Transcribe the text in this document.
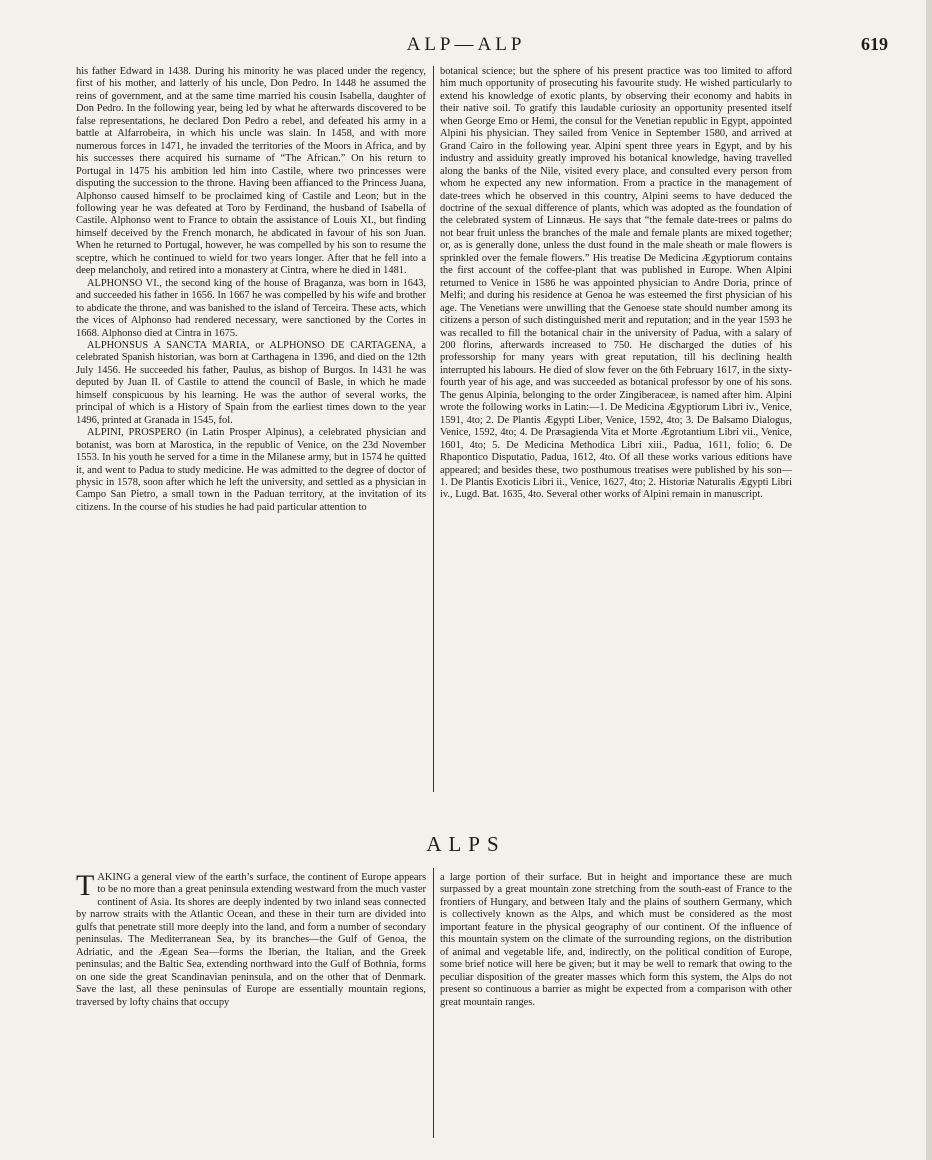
ALP—ALP	619

his father Edward in 1438. During his minority he was placed under the regency, first of his mother, and latterly of his uncle, Don Pedro. In 1448 he assumed the reins of government, and at the same time married his cousin Isabella, daughter of Don Pedro. In the following year, being led by what he afterwards discovered to be false representations, he declared Don Pedro a rebel, and defeated his army in a battle at Alfarrobeira, in which his uncle was slain. In 1458, and with more numerous forces in 1471, he invaded the territories of the Moors in Africa, and by his successes there acquired his surname of “The African.” On his return to Portugal in 1475 his ambition led him into Castile, where two princesses were disputing the succession to the throne. Having been affianced to the Princess Juana, Alphonso caused himself to be proclaimed king of Castile and Leon; but in the following year he was defeated at Toro by Ferdinand, the husband of Isabella of Castile. Alphonso went to France to obtain the assistance of Louis XI., but finding himself deceived by the French monarch, he abdicated in favour of his son Juan. When he returned to Portugal, however, he was compelled by his son to resume the sceptre, which he continued to wield for two years longer. After that he fell into a deep melancholy, and retired into a monastery at Cintra, where he died in 1481.

ALPHONSO VI., the second king of the house of Braganza, was born in 1643, and succeeded his father in 1656. In 1667 he was compelled by his wife and brother to abdicate the throne, and was banished to the island of Terceira. These acts, which the vices of Alphonso had rendered necessary, were sanctioned by the Cortes in 1668. Alphonso died at Cintra in 1675.

ALPHONSUS A SANCTA MARIA, or ALPHONSO DE CARTAGENA, a celebrated Spanish historian, was born at Carthagena in 1396, and died on the 12th July 1456. He succeeded his father, Paulus, as bishop of Burgos. In 1431 he was deputed by Juan II. of Castile to attend the council of Basle, in which he made himself conspicuous by his learning. He was the author of several works, the principal of which is a History of Spain from the earliest times down to the year 1496, printed at Granada in 1545, fol.

ALPINI, PROSPERO (in Latin Prosper Alpinus), a celebrated physician and botanist, was born at Marostica, in the republic of Venice, on the 23d November 1553. In his youth he served for a time in the Milanese army, but in 1574 he quitted it, and went to Padua to study medicine. He was admitted to the degree of doctor of physic in 1578, soon after which he left the university, and settled as a physician in Campo San Pietro, a small town in the Paduan territory, at the invitation of its citizens. In the course of his studies he had paid particular attention to

botanical science; but the sphere of his present practice was too limited to afford him much opportunity of prosecuting his favourite study. He wished particularly to extend his knowledge of exotic plants, by observing their economy and habits in their native soil. To gratify this laudable curiosity an opportunity presented itself when George Emo or Hemi, the consul for the Venetian republic in Egypt, appointed Alpini his physician. They sailed from Venice in September 1580, and arrived at Grand Cairo in the following year. Alpini spent three years in Egypt, and by his industry and assiduity greatly improved his botanical knowledge, having travelled along the banks of the Nile, visited every place, and consulted every person from whom he expected any new information. From a practice in the management of date-trees which he observed in this country, Alpini seems to have deduced the doctrine of the sexual difference of plants, which was adopted as the foundation of the celebrated system of Linnæus. He says that “the female date-trees or palms do not bear fruit unless the branches of the male and female plants are mixed together; or, as is generally done, unless the dust found in the male sheath or male flowers is sprinkled over the female flowers.” His treatise De Medicina Ægyptiorum contains the first account of the coffee-plant that was published in Europe. When Alpini returned to Venice in 1586 he was appointed physician to Andre Doria, prince of Melfi; and during his residence at Genoa he was esteemed the first physician of his age. The Venetians were unwilling that the Genoese state should number among its citizens a person of such distinguished merit and reputation; and in the year 1593 he was recalled to fill the botanical chair in the university of Padua, with a salary of 200 florins, afterwards increased to 750. He discharged the duties of his professorship for many years with great reputation, till his declining health interrupted his labours. He died of slow fever on the 6th February 1617, in the sixty-fourth year of his age, and was succeeded as botanical professor by one of his sons. The genus Alpinia, belonging to the order Zingiberaceæ, is named after him. Alpini wrote the following works in Latin:—1. De Medicina Ægyptiorum Libri iv., Venice, 1591, 4to; 2. De Plantis Ægypti Liber, Venice, 1592, 4to; 3. De Balsamo Dialogus, Venice, 1592, 4to; 4. De Præsagienda Vita et Morte Ægrotantium Libri vii., Venice, 1601, 4to; 5. De Medicina Methodica Libri xiii., Padua, 1611, folio; 6. De Rhapontico Disputatio, Padua, 1612, 4to. Of all these works various editions have appeared; and besides these, two posthumous treatises were published by his son—1. De Plantis Exoticis Libri ii., Venice, 1627, 4to; 2. Historiæ Naturalis Ægypti Libri iv., Lugd. Bat. 1635, 4to. Several other works of Alpini remain in manuscript.

ALPS

TAKING a general view of the earth’s surface, the continent of Europe appears to be no more than a great peninsula extending westward from the much vaster continent of Asia. Its shores are deeply indented by two inland seas connected by narrow straits with the Atlantic Ocean, and these in their turn are divided into gulfs that penetrate still more deeply into the land, and form a number of secondary peninsulas. The Mediterranean Sea, by its branches—the Gulf of Genoa, the Adriatic, and the Ægean Sea—forms the Iberian, the Italian, and the Greek peninsulas; and the Baltic Sea, extending northward into the Gulf of Bothnia, forms on one side the great Scandinavian peninsula, and on the other that of Denmark. Save the last, all these peninsulas of Europe are essentially mountain regions, traversed by lofty chains that occupy

a large portion of their surface. But in height and importance these are much surpassed by a great mountain zone stretching from the south-east of France to the frontiers of Hungary, and between Italy and the plains of southern Germany, which is collectively known as the Alps, and which must be considered as the most important feature in the physical geography of our continent. Of the influence of this mountain system on the climate of the surrounding regions, on the distribution of animal and vegetable life, and, indirectly, on the political condition of Europe, some brief notice will here be given; but it may be well to remark that owing to the peculiar disposition of the greater masses which form this system, the Alps do not present so continuous a barrier as might be expected from a comparison with other great mountain ranges.
